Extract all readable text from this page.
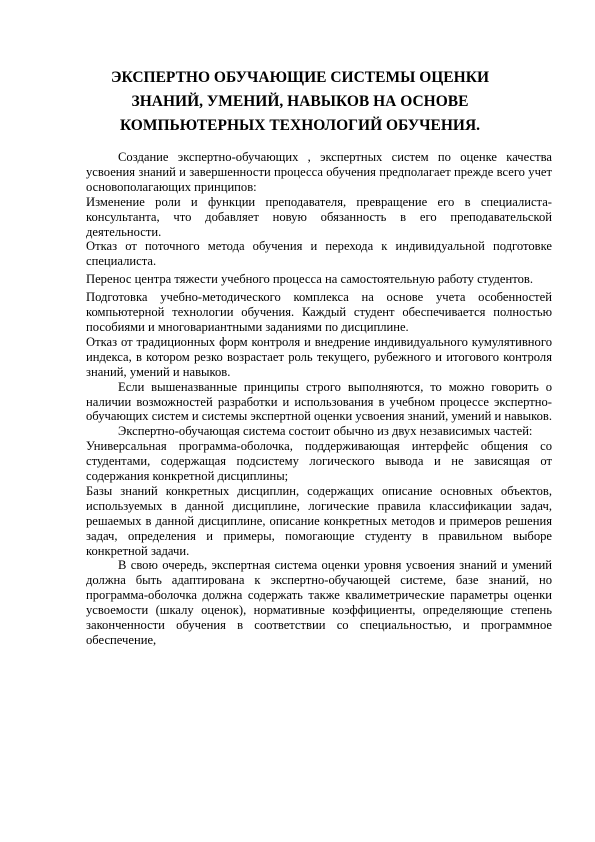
ЭКСПЕРТНО ОБУЧАЮЩИЕ СИСТЕМЫ ОЦЕНКИ
ЗНАНИЙ, УМЕНИЙ, НАВЫКОВ НА ОСНОВЕ
КОМПЬЮТЕРНЫХ ТЕХНОЛОГИЙ ОБУЧЕНИЯ.

Создание экспертно-обучающих , экспертных систем по оценке качества усвоения знаний и завершенности процесса обучения предполагает прежде всего учет основополагающих принципов:

Изменение роли и функции преподавателя, превращение его в специалиста-консультанта, что добавляет новую обязанность в его преподавательской деятельности.

Отказ от поточного метода обучения и перехода к индивидуальной подготовке специалиста.

Перенос центра тяжести учебного процесса на самостоятельную работу студентов.

Подготовка учебно-методического комплекса на основе учета особенностей компьютерной технологии обучения. Каждый студент обеспечивается полностью пособиями и многовариантными заданиями по дисциплине.

Отказ от традиционных форм контроля и внедрение индивидуального кумулятивного индекса, в котором резко возрастает роль текущего, рубежного и итогового контроля знаний, умений и навыков.

Если вышеназванные принципы строго выполняются, то можно говорить о наличии возможностей разработки и использования в учебном процессе экспертно-обучающих систем и системы экспертной оценки усвоения знаний, умений и навыков.

Экспертно-обучающая система состоит обычно из двух независимых частей:

Универсальная программа-оболочка, поддерживающая интерфейс общения со студентами, содержащая подсистему логического вывода и не зависящая от содержания конкретной дисциплины;

Базы знаний конкретных дисциплин, содержащих описание основных объектов, используемых в данной дисциплине, логические правила классификации задач, решаемых в данной дисциплине, описание конкретных методов и примеров решения задач, определения и примеры, помогающие студенту в правильном выборе конкретной задачи.

В свою очередь, экспертная система оценки уровня усвоения знаний и умений должна быть адаптирована к экспертно-обучающей системе, базе знаний, но программа-оболочка должна содержать также квалиметрические параметры оценки усвоемости (шкалу оценок), нормативные коэффициенты, определяющие степень законченности обучения в соответствии со специальностью, и программное обеспечение,
